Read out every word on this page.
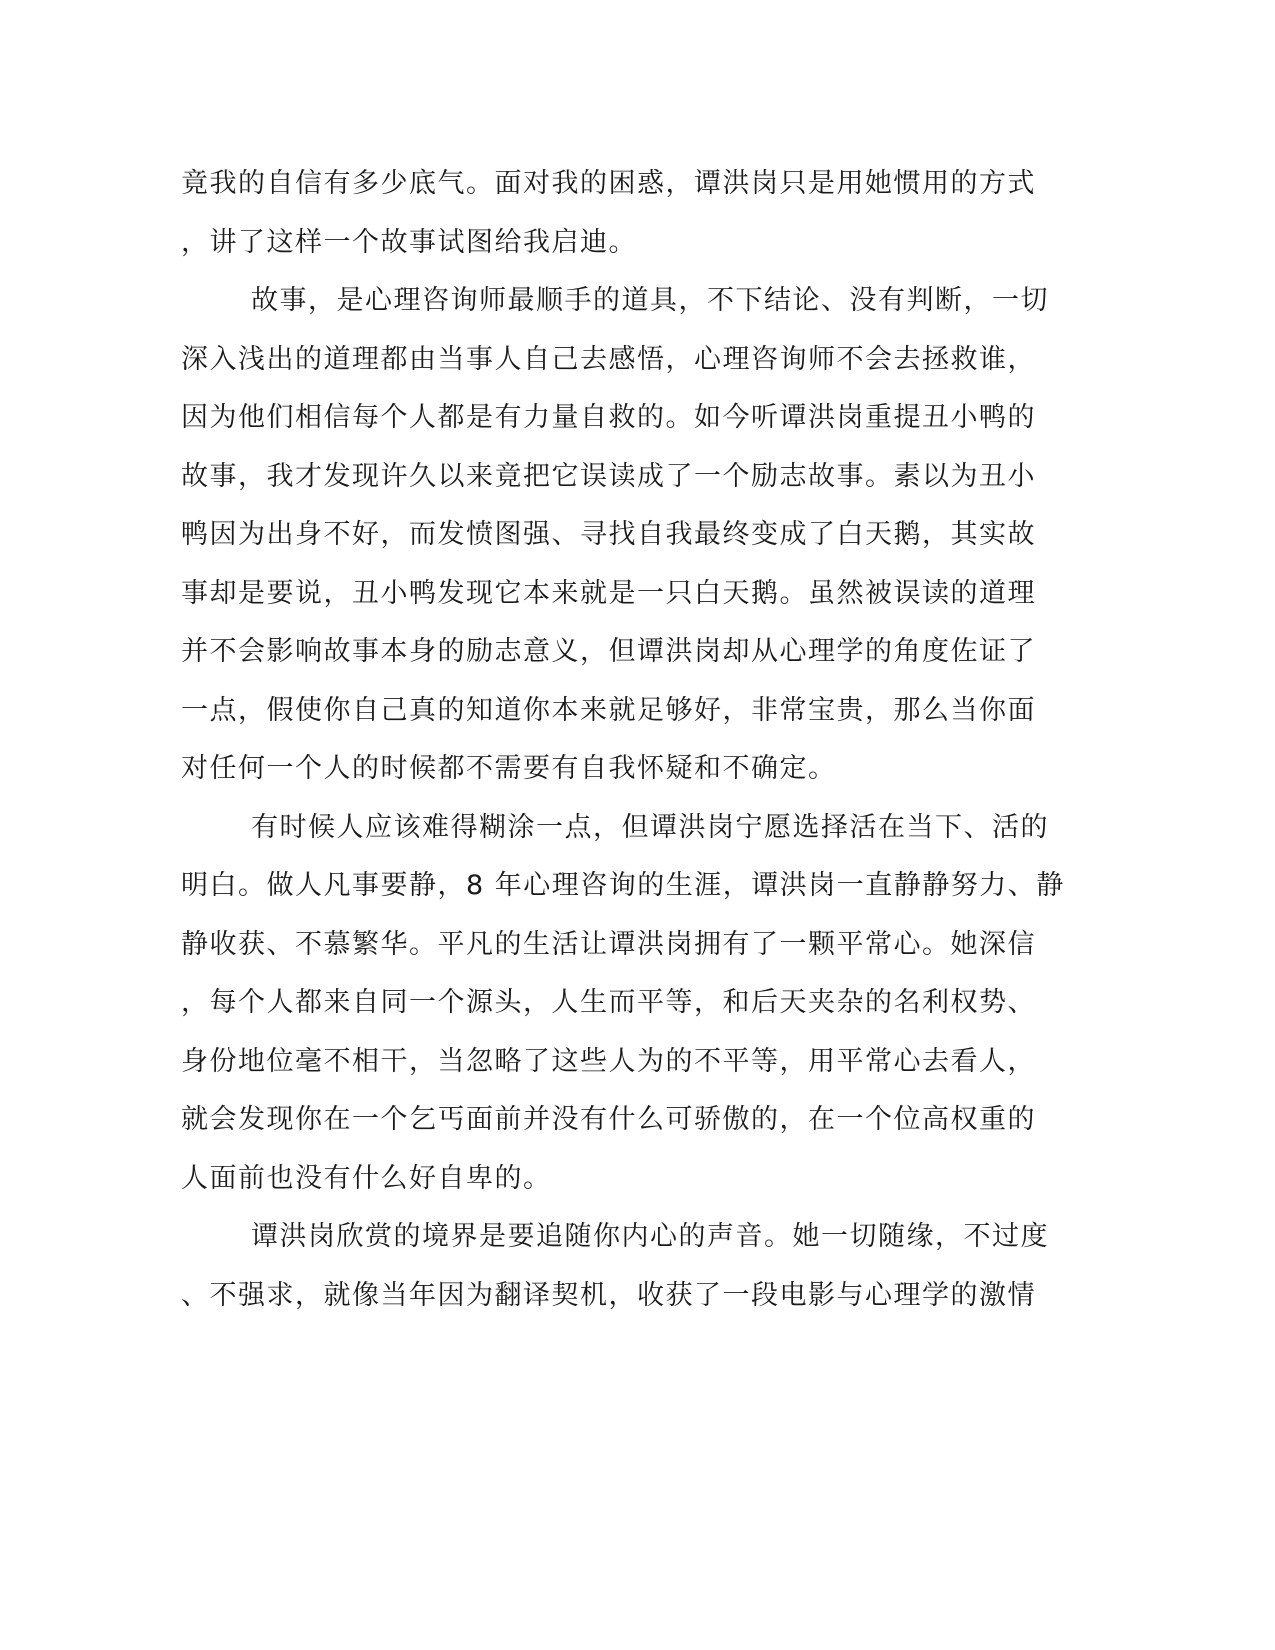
竟我的自信有多少底气。面对我的困惑，谭洪岗只是用她惯用的方式
，讲了这样一个故事试图给我启迪。
故事，是心理咨询师最顺手的道具，不下结论、没有判断，一切
深入浅出的道理都由当事人自己去感悟，心理咨询师不会去拯救谁，
因为他们相信每个人都是有力量自救的。如今听谭洪岗重提丑小鸭的
故事，我才发现许久以来竟把它误读成了一个励志故事。素以为丑小
鸭因为出身不好，而发愤图强、寻找自我最终变成了白天鹅，其实故
事却是要说，丑小鸭发现它本来就是一只白天鹅。虽然被误读的道理
并不会影响故事本身的励志意义，但谭洪岗却从心理学的角度佐证了
一点，假使你自己真的知道你本来就足够好，非常宝贵，那么当你面
对任何一个人的时候都不需要有自我怀疑和不确定。
有时候人应该难得糊涂一点，但谭洪岗宁愿选择活在当下、活的
明白。做人凡事要静，8 年心理咨询的生涯，谭洪岗一直静静努力、静
静收获、不慕繁华。平凡的生活让谭洪岗拥有了一颗平常心。她深信
，每个人都来自同一个源头，人生而平等，和后天夹杂的名利权势、
身份地位毫不相干，当忽略了这些人为的不平等，用平常心去看人，
就会发现你在一个乞丐面前并没有什么可骄傲的，在一个位高权重的
人面前也没有什么好自卑的。
谭洪岗欣赏的境界是要追随你内心的声音。她一切随缘，不过度
、不强求，就像当年因为翻译契机，收获了一段电影与心理学的激情
